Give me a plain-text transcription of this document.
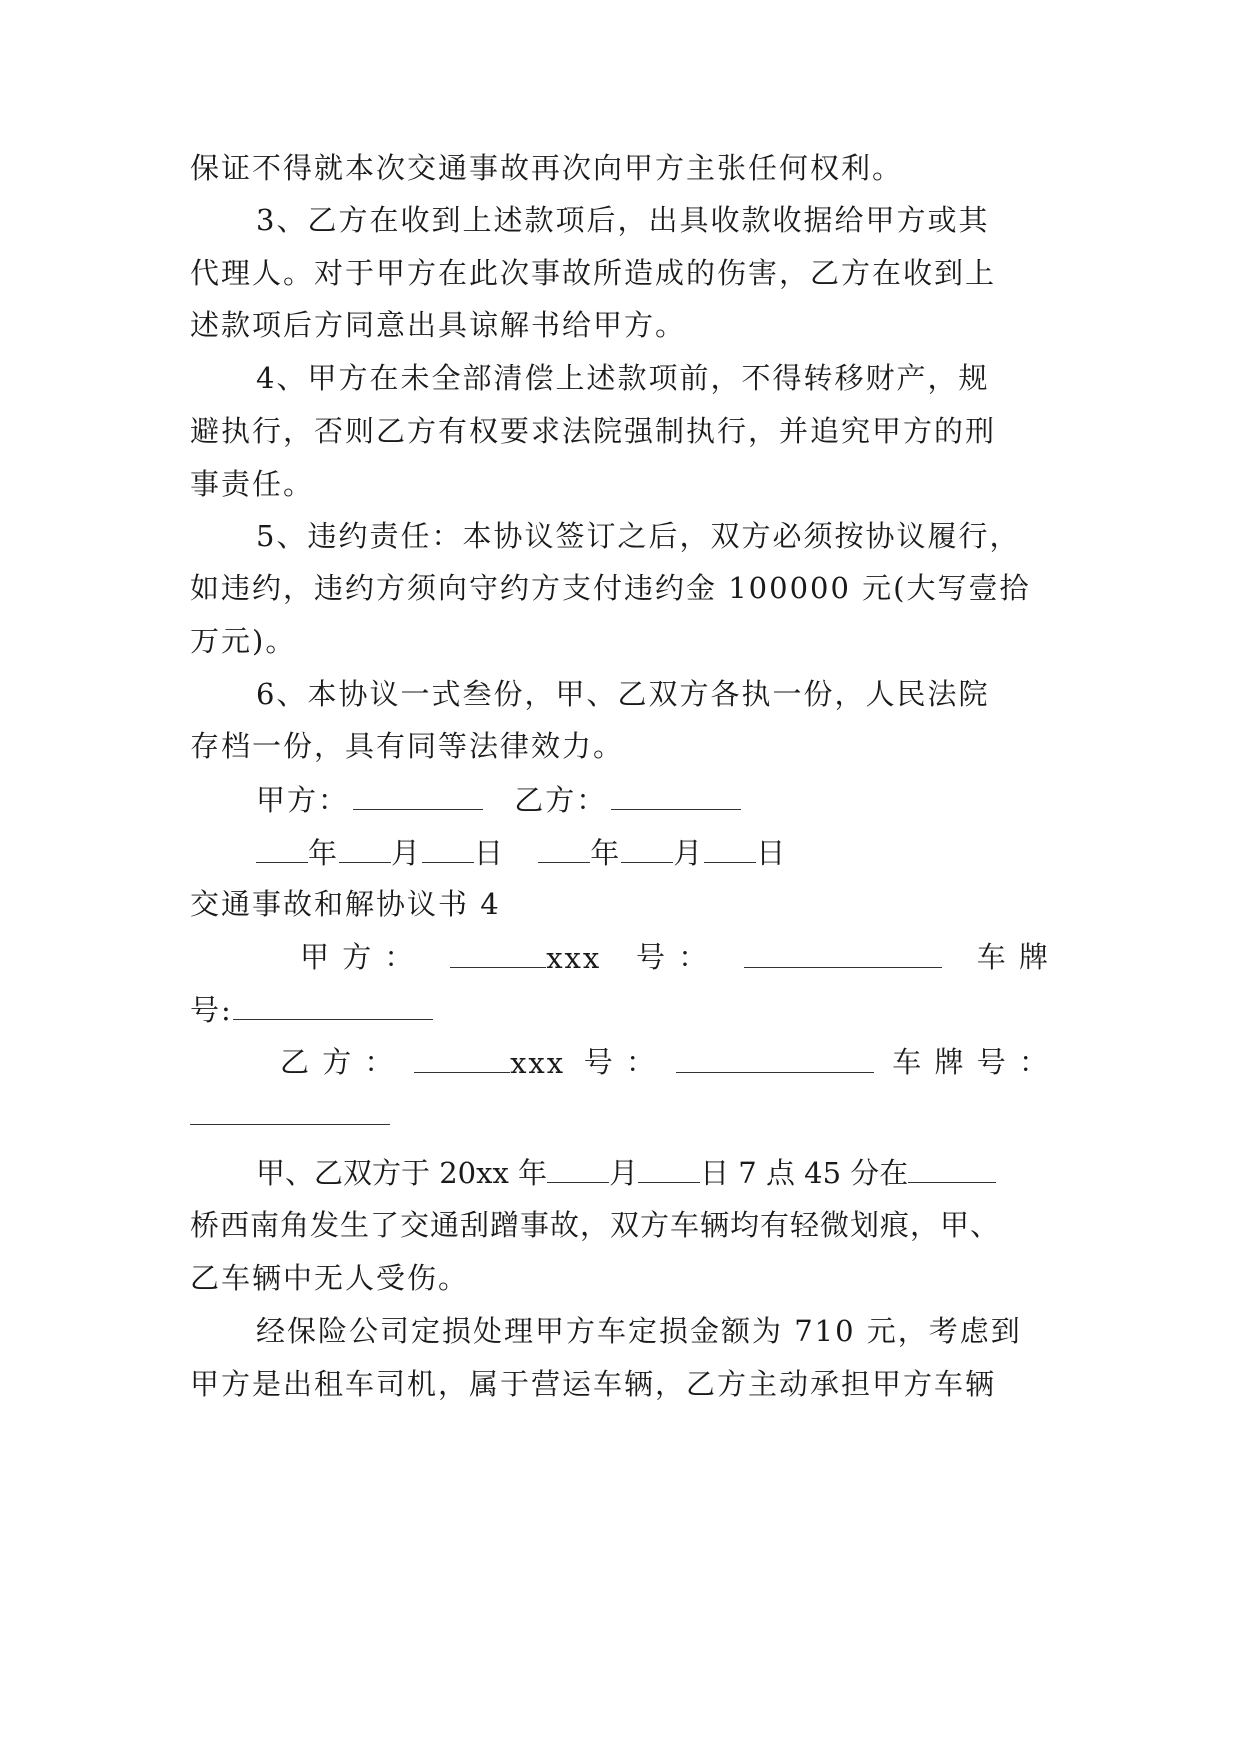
保证不得就本次交通事故再次向甲方主张任何权利。
3、乙方在收到上述款项后，出具收款收据给甲方或其
代理人。对于甲方在此次事故所造成的伤害，乙方在收到上
述款项后方同意出具谅解书给甲方。
4、甲方在未全部清偿上述款项前，不得转移财产，规
避执行，否则乙方有权要求法院强制执行，并追究甲方的刑
事责任。
5、违约责任：本协议签订之后，双方必须按协议履行，
如违约，违约方须向守约方支付违约金 100000 元(大写壹拾
万元)。
6、本协议一式叁份，甲、乙双方各执一份，人民法院
存档一份，具有同等法律效力。
甲方：	乙方：
年 月 日	年 月 日
交通事故和解协议书 4
甲 方 ：	xxx 号 ：	车 牌
号:
乙 方 ：	xxx 号 ：	车 牌 号 ：
甲、乙双方于 20xx 年 月 日 7 点 45 分在
桥西南角发生了交通刮蹭事故，双方车辆均有轻微划痕，甲、
乙车辆中无人受伤。
经保险公司定损处理甲方车定损金额为 710 元，考虑到
甲方是出租车司机，属于营运车辆，乙方主动承担甲方车辆
